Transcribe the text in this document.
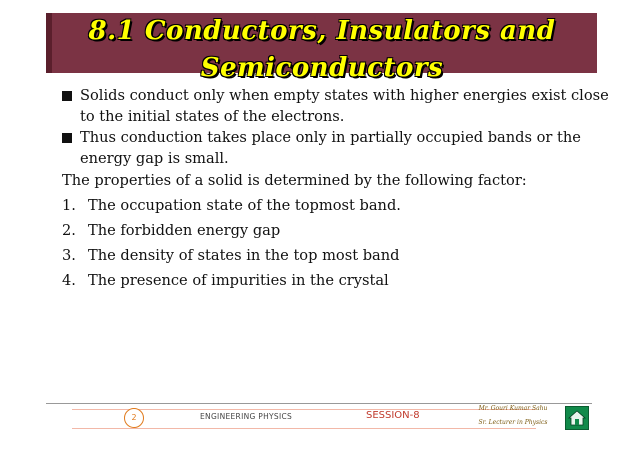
8.1 Conductors, Insulators and
Semiconductors
Solids conduct only when empty states with higher energies exist close to the initial states of the electrons.
Thus conduction takes place only in partially occupied bands or the energy gap is small.
The properties of a solid is determined by the following factor:
1. The occupation state of the topmost band.
2. The forbidden energy gap
3. The density of states in the top most band
4. The presence of impurities in the crystal
2	ENGINEERING PHYSICS	SESSION-8
Mr. Gouri Kumar Sahu
Sr. Lecturer in Physics
